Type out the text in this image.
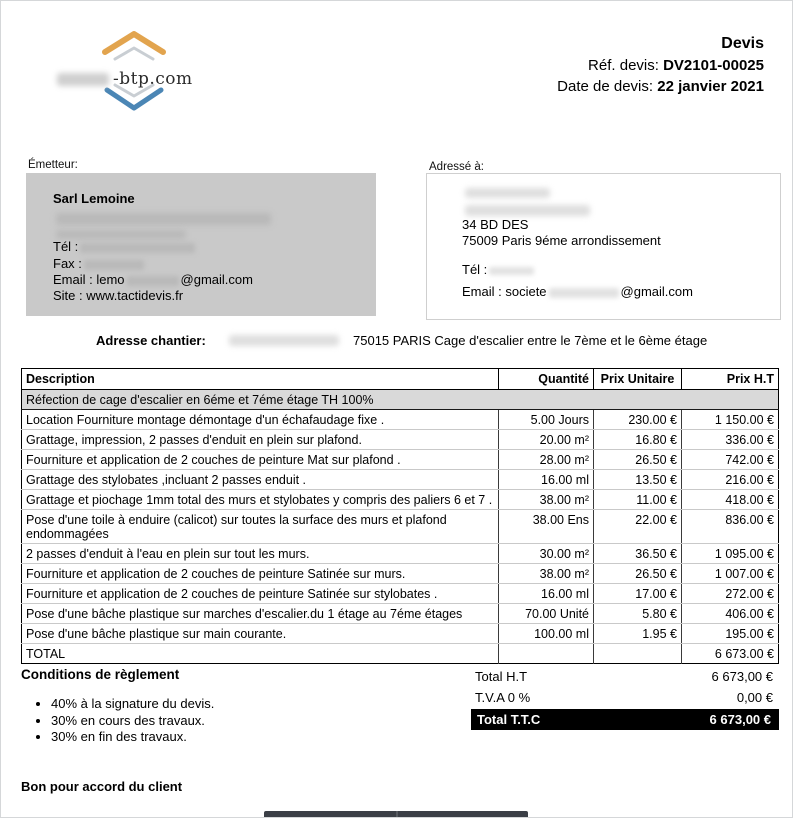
-btp.com
Devis
Réf. devis: DV2101-00025
Date de devis: 22 janvier 2021
Émetteur:
Sarl Lemoine
Tél :
Fax :
Email : lemo	@gmail.com
Site : www.tactidevis.fr
Adressé à:
34 BD DES
75009 Paris 9éme arrondissement
Tél :
Email : societe	@gmail.com
Adresse chantier:	75015 PARIS Cage d'escalier entre le 7ème et le 6ème étage
Description	Quantité	Prix Unitaire	Prix H.T
Réfection de cage d'escalier en 6éme et 7éme étage TH 100%			
Location Fourniture montage démontage d'un échafaudage fixe .	5.00 Jours	230.00 €	1 150.00 €
Grattage, impression, 2 passes d'enduit en plein sur plafond.	20.00 m²	16.80 €	336.00 €
Fourniture et application de 2 couches de peinture Mat sur plafond .	28.00 m²	26.50 €	742.00 €
Grattage des stylobates ,incluant 2 passes enduit .	16.00 ml	13.50 €	216.00 €
Grattage et piochage 1mm total des murs et stylobates y compris des paliers 6 et 7 .	38.00 m²	11.00 €	418.00 €
Pose d'une toile à enduire (calicot) sur toutes la surface des murs et plafond endommagées	38.00 Ens	22.00 €	836.00 €
2 passes d'enduit à l'eau en plein sur tout les murs.	30.00 m²	36.50 €	1 095.00 €
Fourniture et application de 2 couches de peinture Satinée sur murs.	38.00 m²	26.50 €	1 007.00 €
Fourniture et application de 2 couches de peinture Satinée sur stylobates .	16.00 ml	17.00 €	272.00 €
Pose d'une bâche plastique sur marches d'escalier.du 1 étage au 7éme étages	70.00 Unité	5.80 €	406.00 €
Pose d'une bâche plastique sur main courante.	100.00 ml	1.95 €	195.00 €
TOTAL			6 673.00 €
Conditions de règlement
• 40% à la signature du devis.
• 30% en cours des travaux.
• 30% en fin des travaux.
Total H.T	6 673,00 €
T.V.A 0 %	0,00 €
Total T.T.C	6 673,00 €
Bon pour accord du client
